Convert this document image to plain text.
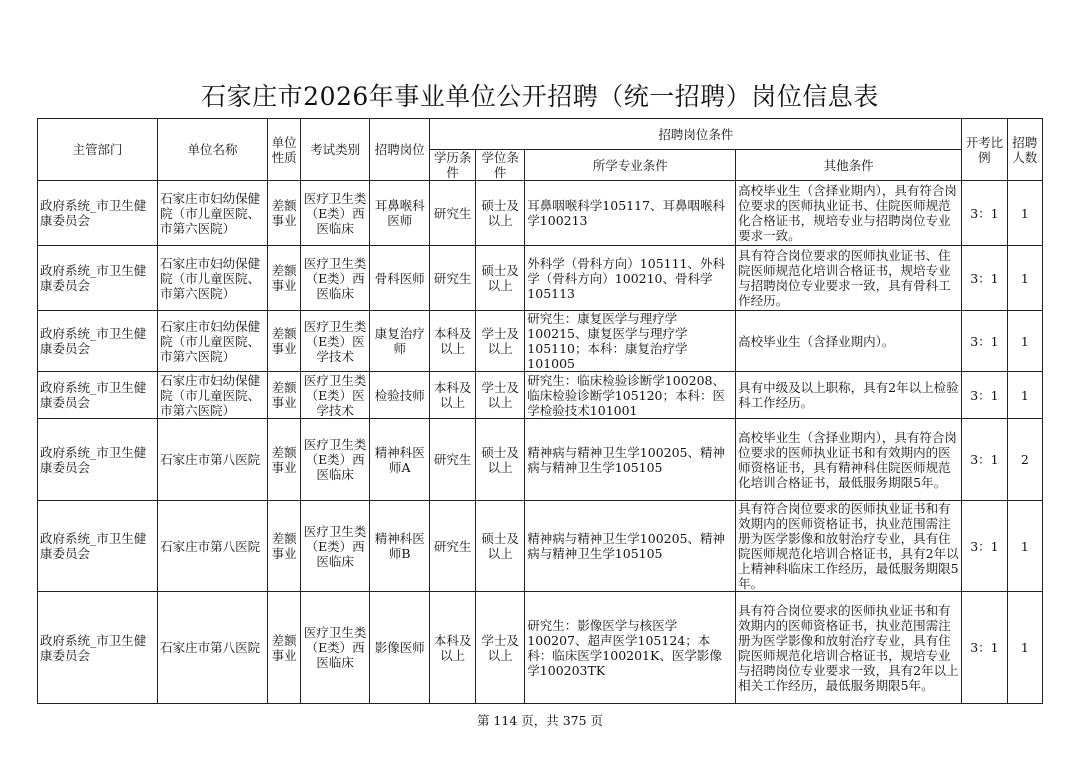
石家庄市2026年事业单位公开招聘（统一招聘）岗位信息表
主管部门	单位名称	单位性质	考试类别	招聘岗位	招聘岗位条件				开考比例	招聘人数
					学历条件	学位条件	所学专业条件	其他条件		
政府系统_市卫生健康委员会	石家庄市妇幼保健院（市儿童医院、市第六医院）	差额事业	医疗卫生类（E类）西医临床	耳鼻喉科医师	研究生	硕士及以上	耳鼻咽喉科学105117、耳鼻咽喉科学100213	高校毕业生（含择业期内），具有符合岗位要求的医师执业证书、住院医师规范化合格证书，规培专业与招聘岗位专业要求一致。	3：1	1
政府系统_市卫生健康委员会	石家庄市妇幼保健院（市儿童医院、市第六医院）	差额事业	医疗卫生类（E类）西医临床	骨科医师	研究生	硕士及以上	外科学（骨科方向）105111、外科学（骨科方向）100210、骨科学105113	具有符合岗位要求的医师执业证书、住院医师规范化培训合格证书，规培专业与招聘岗位专业要求一致，具有骨科工作经历。	3：1	1
政府系统_市卫生健康委员会	石家庄市妇幼保健院（市儿童医院、市第六医院）	差额事业	医疗卫生类（E类）医学技术	康复治疗师	本科及以上	学士及以上	研究生：康复医学与理疗学100215、康复医学与理疗学105110；本科：康复治疗学101005	高校毕业生（含择业期内）。	3：1	1
政府系统_市卫生健康委员会	石家庄市妇幼保健院（市儿童医院、市第六医院）	差额事业	医疗卫生类（E类）医学技术	检验技师	本科及以上	学士及以上	研究生：临床检验诊断学100208、临床检验诊断学105120；本科：医学检验技术101001	具有中级及以上职称，具有2年以上检验科工作经历。	3：1	1
政府系统_市卫生健康委员会	石家庄市第八医院	差额事业	医疗卫生类（E类）西医临床	精神科医师A	研究生	硕士及以上	精神病与精神卫生学100205、精神病与精神卫生学105105	高校毕业生（含择业期内），具有符合岗位要求的医师执业证书和有效期内的医师资格证书，具有精神科住院医师规范化培训合格证书，最低服务期限5年。	3：1	2
政府系统_市卫生健康委员会	石家庄市第八医院	差额事业	医疗卫生类（E类）西医临床	精神科医师B	研究生	硕士及以上	精神病与精神卫生学100205、精神病与精神卫生学105105	具有符合岗位要求的医师执业证书和有效期内的医师资格证书，执业范围需注册为医学影像和放射治疗专业，具有住院医师规范化培训合格证书，具有2年以上精神科临床工作经历，最低服务期限5年。	3：1	1
政府系统_市卫生健康委员会	石家庄市第八医院	差额事业	医疗卫生类（E类）西医临床	影像医师	本科及以上	学士及以上	研究生：影像医学与核医学100207、超声医学105124；本科：临床医学100201K、医学影像学100203TK	具有符合岗位要求的医师执业证书和有效期内的医师资格证书，执业范围需注册为医学影像和放射治疗专业，具有住院医师规范化培训合格证书，规培专业与招聘岗位专业要求一致，具有2年以上相关工作经历，最低服务期限5年。	3：1	1
第 114 页，共 375 页
